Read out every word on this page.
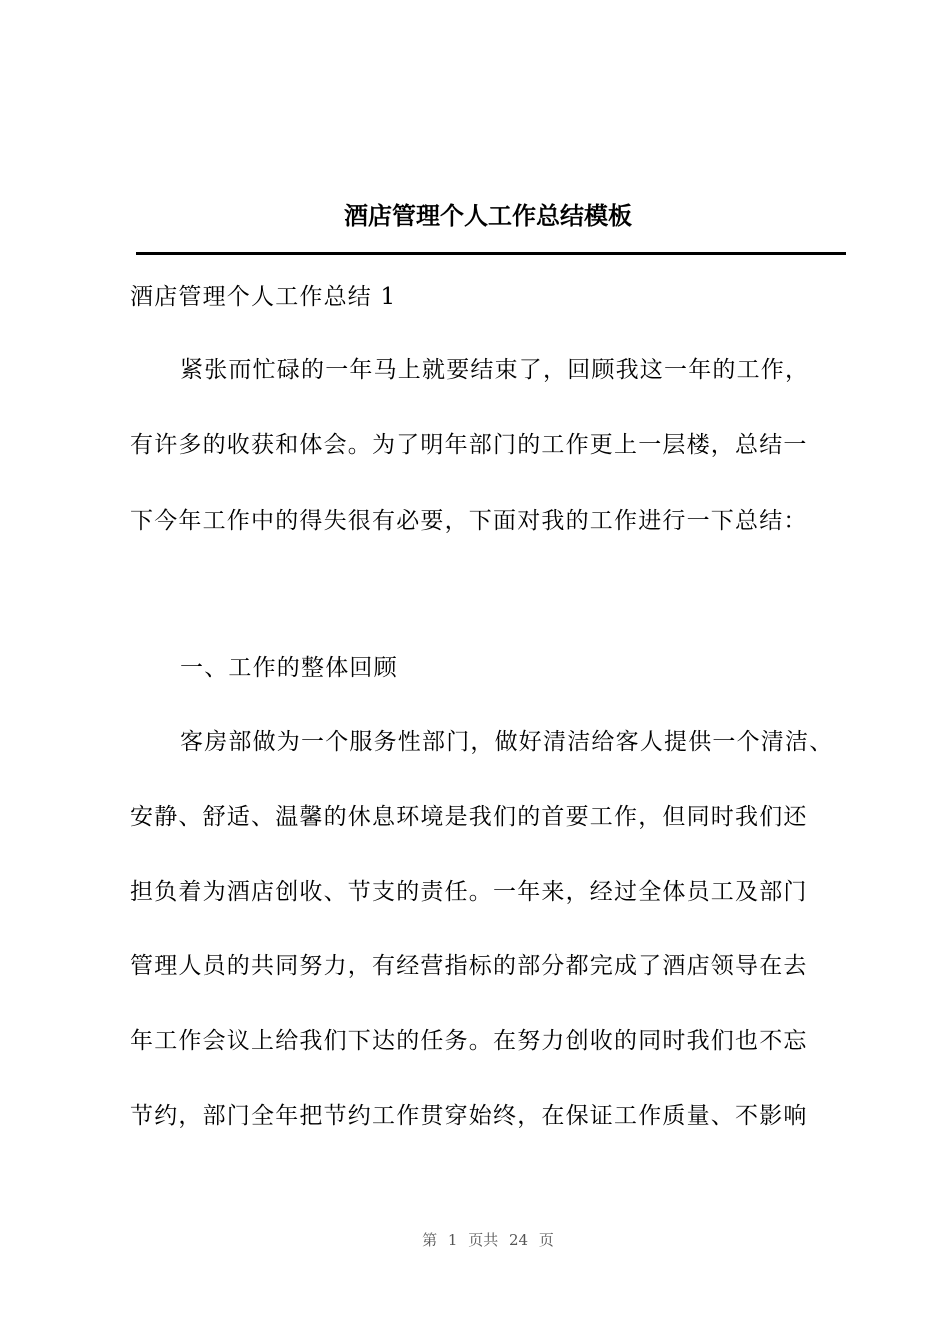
酒店管理个人工作总结模板
酒店管理个人工作总结 1
紧张而忙碌的一年马上就要结束了，回顾我这一年的工作，
有许多的收获和体会。为了明年部门的工作更上一层楼，总结一
下今年工作中的得失很有必要，下面对我的工作进行一下总结：
一、工作的整体回顾
客房部做为一个服务性部门，做好清洁给客人提供一个清洁、
安静、舒适、温馨的休息环境是我们的首要工作，但同时我们还
担负着为酒店创收、节支的责任。一年来，经过全体员工及部门
管理人员的共同努力，有经营指标的部分都完成了酒店领导在去
年工作会议上给我们下达的任务。在努力创收的同时我们也不忘
节约，部门全年把节约工作贯穿始终，在保证工作质量、不影响
第 1 页共 24 页
